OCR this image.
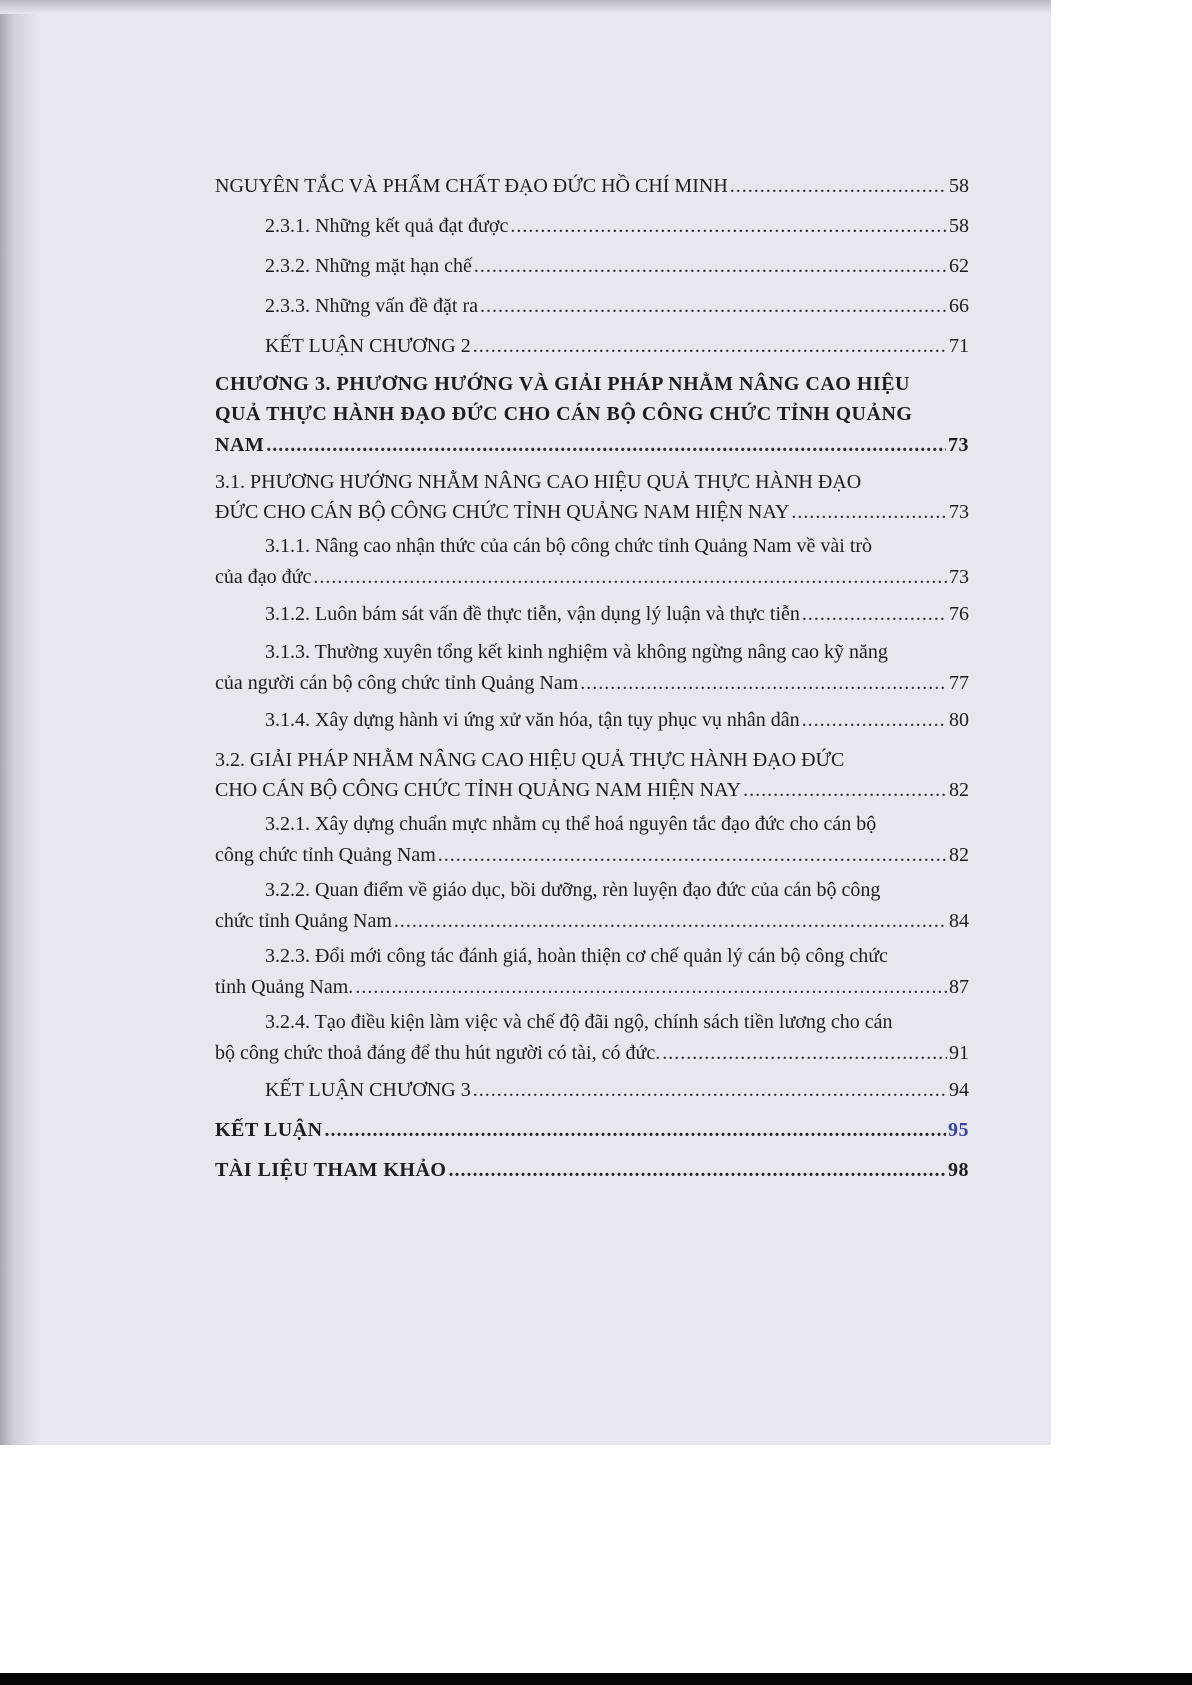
NGUYÊN TẮC VÀ PHẨM CHẤT ĐẠO ĐỨC HỒ CHÍ MINH .....	58
2.3.1. Những kết quả đạt được .....	58
2.3.2. Những mặt hạn chế .....	62
2.3.3. Những vấn đề đặt ra .....	66
KẾT LUẬN CHƯƠNG 2 .....	71
CHƯƠNG 3. PHƯƠNG HƯỚNG VÀ GIẢI PHÁP NHẰM NÂNG CAO HIỆU
QUẢ THỰC HÀNH ĐẠO ĐỨC CHO CÁN BỘ CÔNG CHỨC TỈNH QUẢNG
NAM .....	73
3.1. PHƯƠNG HƯỚNG NHẰM NÂNG CAO HIỆU QUẢ THỰC HÀNH ĐẠO
ĐỨC CHO CÁN BỘ CÔNG CHỨC TỈNH QUẢNG NAM HIỆN NAY .....	73
3.1.1. Nâng cao nhận thức của cán bộ công chức tỉnh Quảng Nam về vài trò
của đạo đức .....	73
3.1.2. Luôn bám sát vấn đề thực tiễn, vận dụng lý luận và thực tiễn .....	76
3.1.3. Thường xuyên tổng kết kinh nghiệm và không ngừng nâng cao kỹ năng
của người cán bộ công chức tỉnh Quảng Nam .....	77
3.1.4. Xây dựng hành vi ứng xử văn hóa, tận tụy phục vụ nhân dân .....	80
3.2. GIẢI PHÁP NHẰM NÂNG CAO HIỆU QUẢ THỰC HÀNH ĐẠO ĐỨC
CHO CÁN BỘ CÔNG CHỨC TỈNH QUẢNG NAM HIỆN NAY .....	82
3.2.1. Xây dựng chuẩn mực nhằm cụ thể hoá nguyên tắc đạo đức cho cán bộ
công chức tỉnh Quảng Nam .....	82
3.2.2. Quan điểm về giáo dục, bồi dưỡng, rèn luyện đạo đức của cán bộ công
chức tỉnh Quảng Nam .....	84
3.2.3. Đổi mới công tác đánh giá, hoàn thiện cơ chế quản lý cán bộ công chức
tỉnh Quảng Nam. .....	87
3.2.4. Tạo điều kiện làm việc và chế độ đãi ngộ, chính sách tiền lương cho cán
bộ công chức thoả đáng để thu hút người có tài, có đức. .....	91
KẾT LUẬN CHƯƠNG 3 .....	94
KẾT LUẬN .....	95
TÀI LIỆU THAM KHẢO .....	98
